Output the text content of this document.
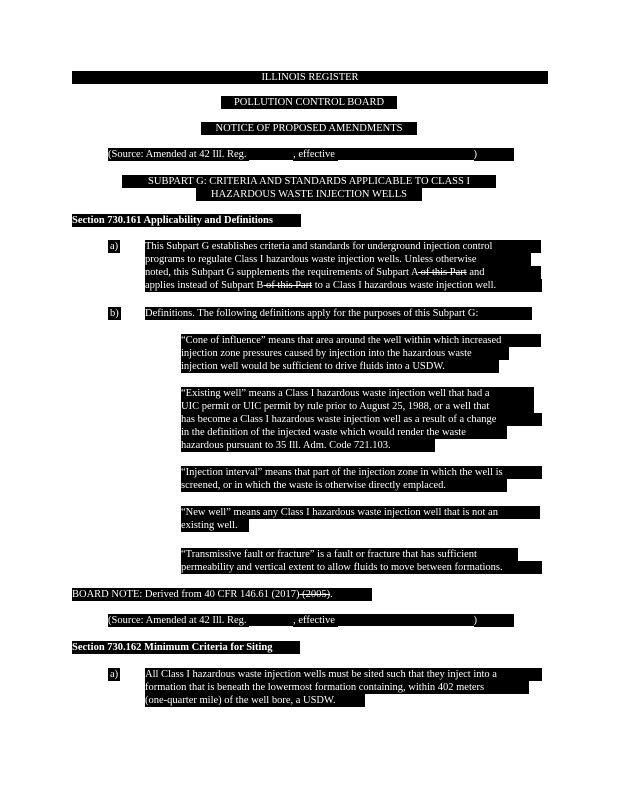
ILLINOIS REGISTER
POLLUTION CONTROL BOARD
NOTICE OF PROPOSED AMENDMENTS
(Source: Amended at 42 Ill. Reg.	, effective	)
SUBPART G: CRITERIA AND STANDARDS APPLICABLE TO CLASS I
HAZARDOUS WASTE INJECTION WELLS
Section 730.161 Applicability and Definitions
a)	This Subpart G establishes criteria and standards for underground injection control
programs to regulate Class I hazardous waste injection wells. Unless otherwise
noted, this Subpart G supplements the requirements of Subpart A of this Part and
applies instead of Subpart B of this Part to a Class I hazardous waste injection well.
b)	Definitions. The following definitions apply for the purposes of this Subpart G:
“Cone of influence” means that area around the well within which increased
injection zone pressures caused by injection into the hazardous waste
injection well would be sufficient to drive fluids into a USDW.
“Existing well” means a Class I hazardous waste injection well that had a
UIC permit or UIC permit by rule prior to August 25, 1988, or a well that
has become a Class I hazardous waste injection well as a result of a change
in the definition of the injected waste which would render the waste
hazardous pursuant to 35 Ill. Adm. Code 721.103.
“Injection interval” means that part of the injection zone in which the well is
screened, or in which the waste is otherwise directly emplaced.
“New well” means any Class I hazardous waste injection well that is not an
existing well.
“Transmissive fault or fracture” is a fault or fracture that has sufficient
permeability and vertical extent to allow fluids to move between formations.
BOARD NOTE: Derived from 40 CFR 146.61 (2017) (2005).
(Source: Amended at 42 Ill. Reg.	, effective	)
Section 730.162 Minimum Criteria for Siting
a)	All Class I hazardous waste injection wells must be sited such that they inject into a
formation that is beneath the lowermost formation containing, within 402 meters
(one-quarter mile) of the well bore, a USDW.
